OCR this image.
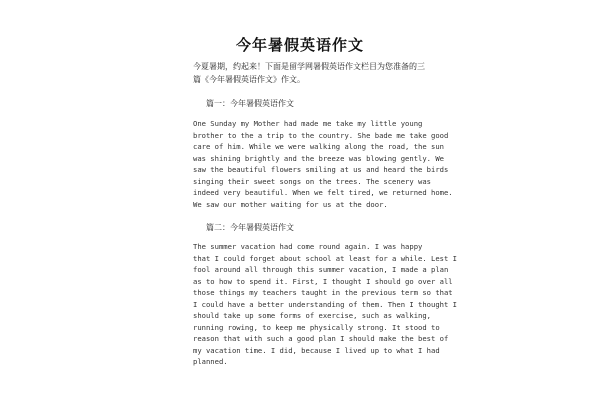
今年暑假英语作文
今夏暑期，约起来！下面是留学网暑假英语作文栏目为您准备的三
篇《今年暑假英语作文》作文。
篇一：今年暑假英语作文
One Sunday my Mother had made me take my little young
brother to the a trip to the country. She bade me take good
care of him. While we were walking along the road, the sun
was shining brightly and the breeze was blowing gently. We
saw the beautiful flowers smiling at us and heard the birds
singing their sweet songs on the trees. The scenery was
indeed very beautiful. When we felt tired, we returned home.
We saw our mother waiting for us at the door.
篇二：今年暑假英语作文
The summer vacation had come round again. I was happy
that I could forget about school at least for a while. Lest I
fool around all through this summer vacation, I made a plan
as to how to spend it. First, I thought I should go over all
those things my teachers taught in the previous term so that
I could have a better understanding of them. Then I thought I
should take up some forms of exercise, such as walking,
running rowing, to keep me physically strong. It stood to
reason that with such a good plan I should make the best of
my vacation time. I did, because I lived up to what I had
planned.
